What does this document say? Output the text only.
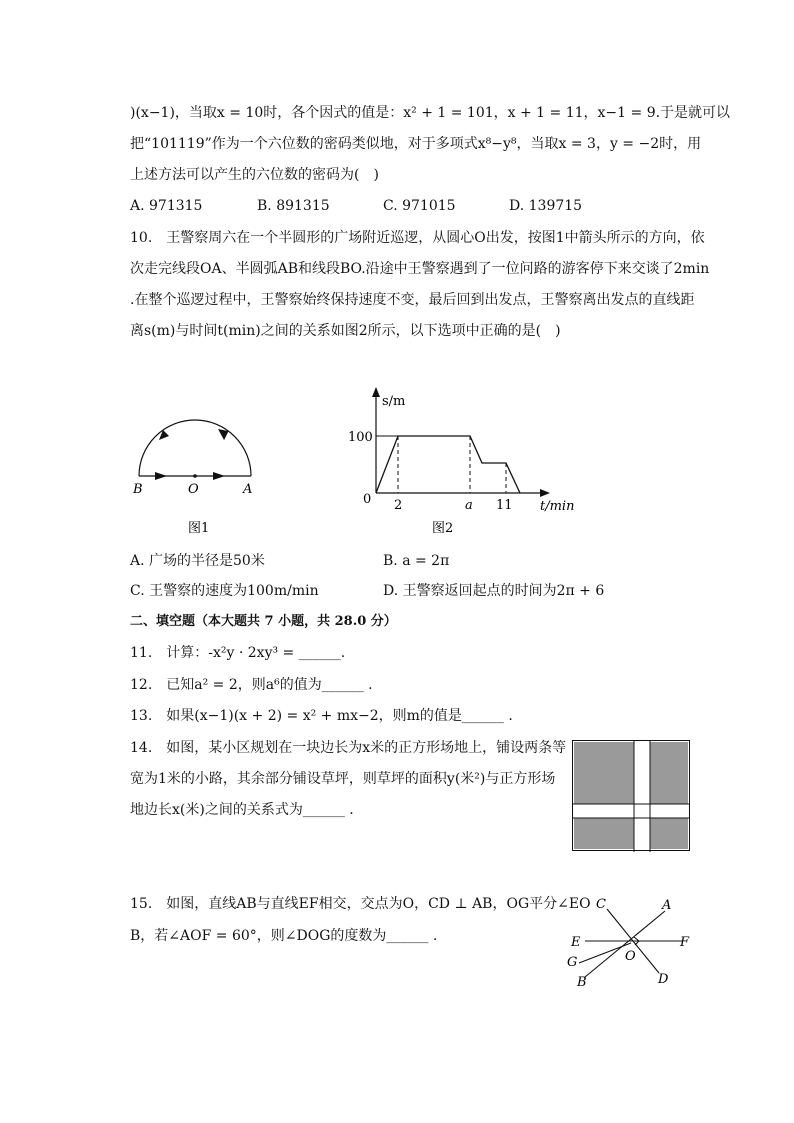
)(x−1)，当取x = 10时，各个因式的值是：x² + 1 = 101，x + 1 = 11，x−1 = 9.于是就可以
把“101119”作为一个六位数的密码类似地，对于多项式x⁸−y⁸，当取x = 3，y = −2时，用
上述方法可以产生的六位数的密码为(　)
A. 971315	B. 891315	C. 971015	D. 139715
10.　王警察周六在一个半圆形的广场附近巡逻，从圆心O出发，按图1中箭头所示的方向，依
次走完线段OA、半圆弧AB和线段BO.沿途中王警察遇到了一位问路的游客停下来交谈了2min
.在整个巡逻过程中，王警察始终保持速度不变，最后回到出发点，王警察离出发点的直线距
离s(m)与时间t(min)之间的关系如图2所示，以下选项中正确的是(　)
B	O	A
图1
s/m
100
0 2	a 11 t/min
图2
A. 广场的半径是50米	B. a = 2π
C. 王警察的速度为100m/min	D. 王警察返回起点的时间为2π + 6
二、填空题（本大题共 7 小题，共 28.0 分）
11.　计算：-x²y · 2xy³ = ______.
12.　已知a² = 2，则a⁶的值为______ .
13.　如果(x−1)(x + 2) = x² + mx−2，则m的值是______ .
14.　如图，某小区规划在一块边长为x米的正方形场地上，铺设两条等
宽为1米的小路，其余部分铺设草坪，则草坪的面积y(米²)与正方形场
地边长x(米)之间的关系式为______ .
15.　如图，直线AB与直线EF相交，交点为O，CD ⊥ AB，OG平分∠EO
B，若∠AOF = 60°，则∠DOG的度数为______ .
C	A
E	F
O
G
B	D
